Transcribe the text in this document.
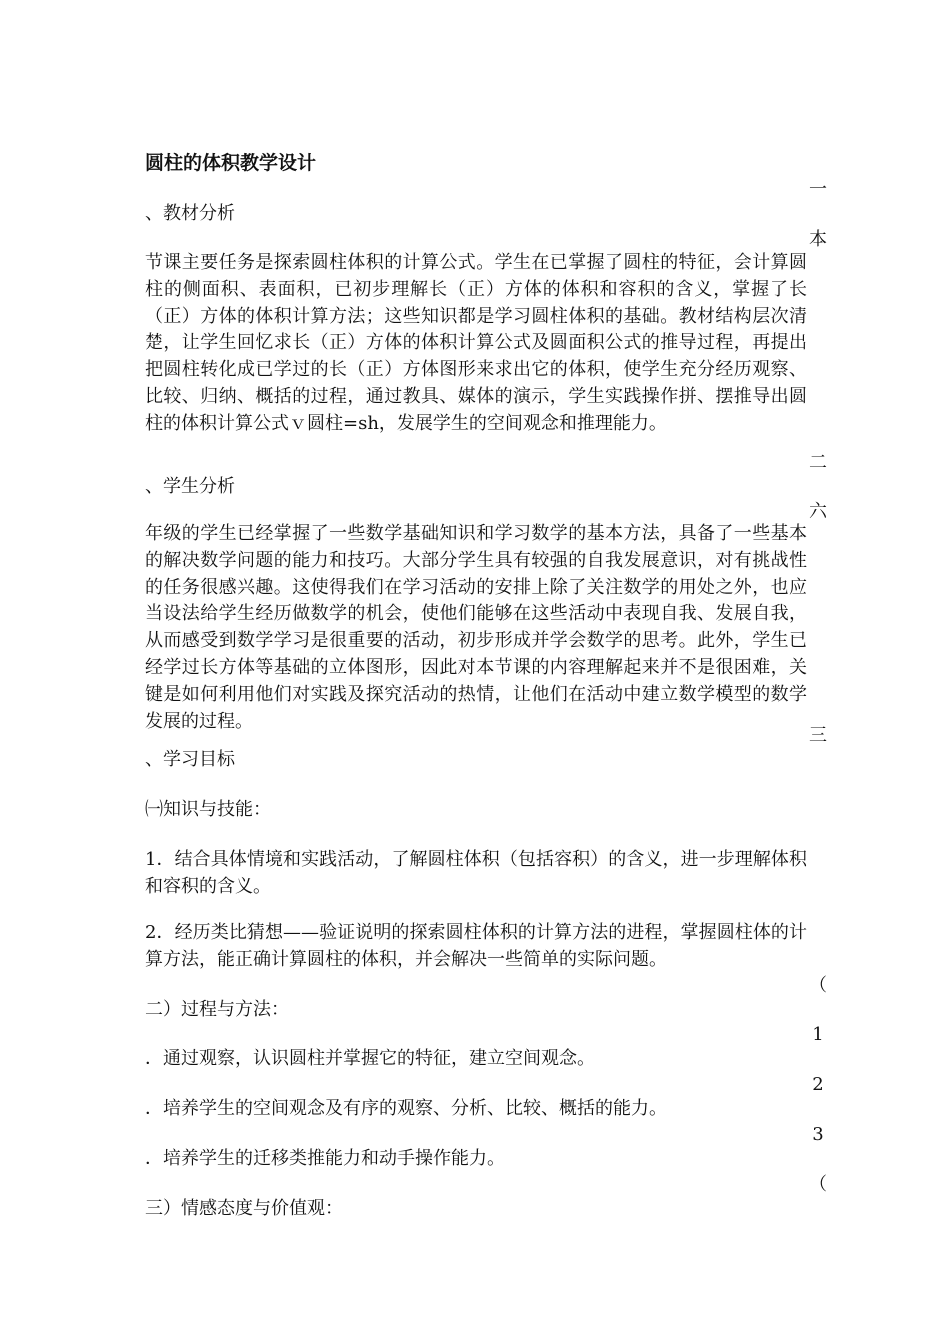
圆柱的体积教学设计
、教材分析
节课主要任务是探索圆柱体积的计算公式。学生在已掌握了圆柱的特征，会计算圆柱的侧面积、表面积，已初步理解长（正）方体的体积和容积的含义，掌握了长（正）方体的体积计算方法；这些知识都是学习圆柱体积的基础。教材结构层次清楚，让学生回忆求长（正）方体的体积计算公式及圆面积公式的推导过程，再提出把圆柱转化成已学过的长（正）方体图形来求出它的体积，使学生充分经历观察、比较、归纳、概括的过程，通过教具、媒体的演示，学生实践操作拼、摆推导出圆柱的体积计算公式ｖ圆柱=sh，发展学生的空间观念和推理能力。
、学生分析
年级的学生已经掌握了一些数学基础知识和学习数学的基本方法，具备了一些基本的解决数学问题的能力和技巧。大部分学生具有较强的自我发展意识，对有挑战性的任务很感兴趣。这使得我们在学习活动的安排上除了关注数学的用处之外，也应当设法给学生经历做数学的机会，使他们能够在这些活动中表现自我、发展自我，从而感受到数学学习是很重要的活动，初步形成并学会数学的思考。此外，学生已经学过长方体等基础的立体图形，因此对本节课的内容理解起来并不是很困难，关键是如何利用他们对实践及探究活动的热情，让他们在活动中建立数学模型的数学发展的过程。
、学习目标
㈠知识与技能：
1．结合具体情境和实践活动，了解圆柱体积（包括容积）的含义，进一步理解体积和容积的含义。
2．经历类比猜想——验证说明的探索圆柱体积的计算方法的进程，掌握圆柱体的计算方法，能正确计算圆柱的体积，并会解决一些简单的实际问题。
二）过程与方法：
．通过观察，认识圆柱并掌握它的特征，建立空间观念。
．培养学生的空间观念及有序的观察、分析、比较、概括的能力。
．培养学生的迁移类推能力和动手操作能力。
三）情感态度与价值观：
一
本
二
六
三
（
1
2
3
（
